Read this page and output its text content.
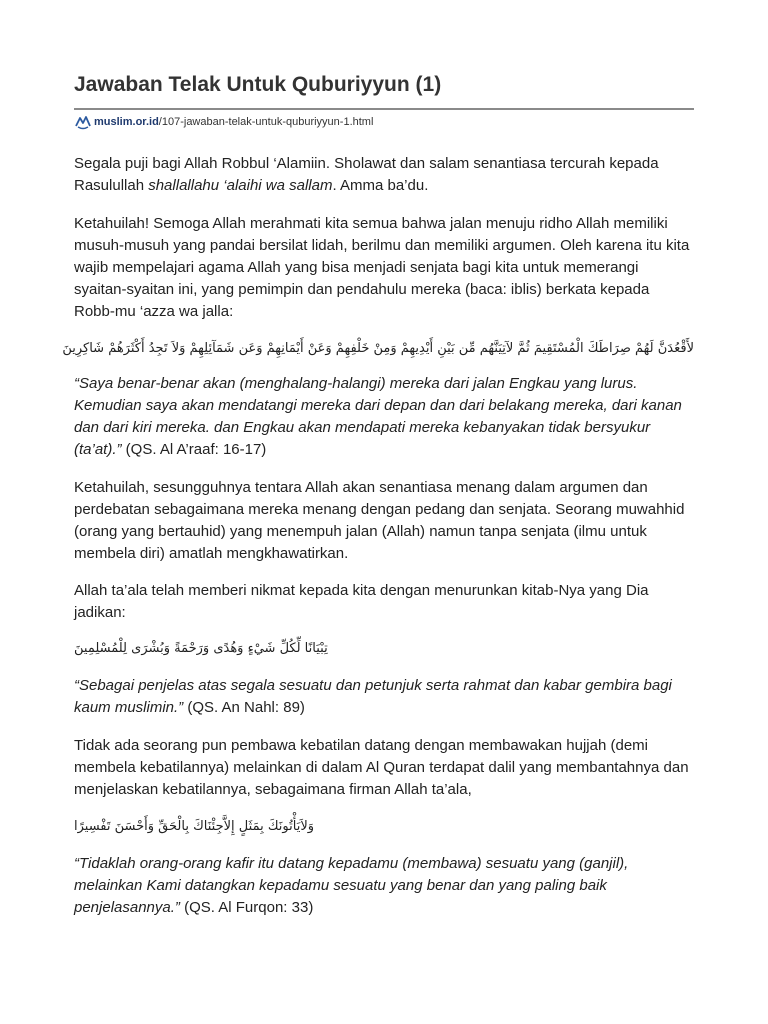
Jawaban Telak Untuk Quburiyyun (1)
muslim.or.id /107-jawaban-telak-untuk-quburiyyun-1.html

Segala puji bagi Allah Robbul ‘Alamiin. Sholawat dan salam senantiasa tercurah kepada Rasulullah shallallahu ‘alaihi wa sallam. Amma ba’du.

Ketahuilah! Semoga Allah merahmati kita semua bahwa jalan menuju ridho Allah memiliki musuh-musuh yang pandai bersilat lidah, berilmu dan memiliki argumen. Oleh karena itu kita wajib mempelajari agama Allah yang bisa menjadi senjata bagi kita untuk memerangi syaitan-syaitan ini, yang pemimpin dan pendahulu mereka (baca: iblis) berkata kepada Robb-mu ‘azza wa jalla:

لأَقْعُدَنَّ لَهُمْ صِرَاطَكَ الْمُسْتَقِيمَ ثُمَّ لآتِيَنَّهُم مِّن بَيْنِ أَيْدِيهِمْ وَمِنْ خَلْفِهِمْ وَعَنْ أَيْمَانِهِمْ وَعَن شَمَآئِلِهِمْ وَلاَ تَجِدُ أَكْثَرَهُمْ شَاكِرِينَ

“Saya benar-benar akan (menghalang-halangi) mereka dari jalan Engkau yang lurus. Kemudian saya akan mendatangi mereka dari depan dan dari belakang mereka, dari kanan dan dari kiri mereka. dan Engkau akan mendapati mereka kebanyakan tidak bersyukur (ta’at).” (QS. Al A’raaf: 16-17)

Ketahuilah, sesungguhnya tentara Allah akan senantiasa menang dalam argumen dan perdebatan sebagaimana mereka menang dengan pedang dan senjata. Seorang muwahhid (orang yang bertauhid) yang menempuh jalan (Allah) namun tanpa senjata (ilmu untuk membela diri) amatlah mengkhawatirkan.

Allah ta’ala telah memberi nikmat kepada kita dengan menurunkan kitab-Nya yang Dia jadikan:

تِبْيَانًا لِّكُلِّ شَيْءٍ وَهُدًى وَرَحْمَةً وَبُشْرَى لِلْمُسْلِمِينَ

“Sebagai penjelas atas segala sesuatu dan petunjuk serta rahmat dan kabar gembira bagi kaum muslimin.” (QS. An Nahl: 89)

Tidak ada seorang pun pembawa kebatilan datang dengan membawakan hujjah (demi membela kebatilannya) melainkan di dalam Al Quran terdapat dalil yang membantahnya dan menjelaskan kebatilannya, sebagaimana firman Allah ta’ala,

وَلاَيَأْتُونَكَ بِمَثَلٍ إِلاَّجِئْنَاكَ بِالْحَقِّ وَأَحْسَنَ تَفْسِيرًا

“Tidaklah orang-orang kafir itu datang kepadamu (membawa) sesuatu yang (ganjil), melainkan Kami datangkan kepadamu sesuatu yang benar dan yang paling baik penjelasannya.” (QS. Al Furqon: 33)
